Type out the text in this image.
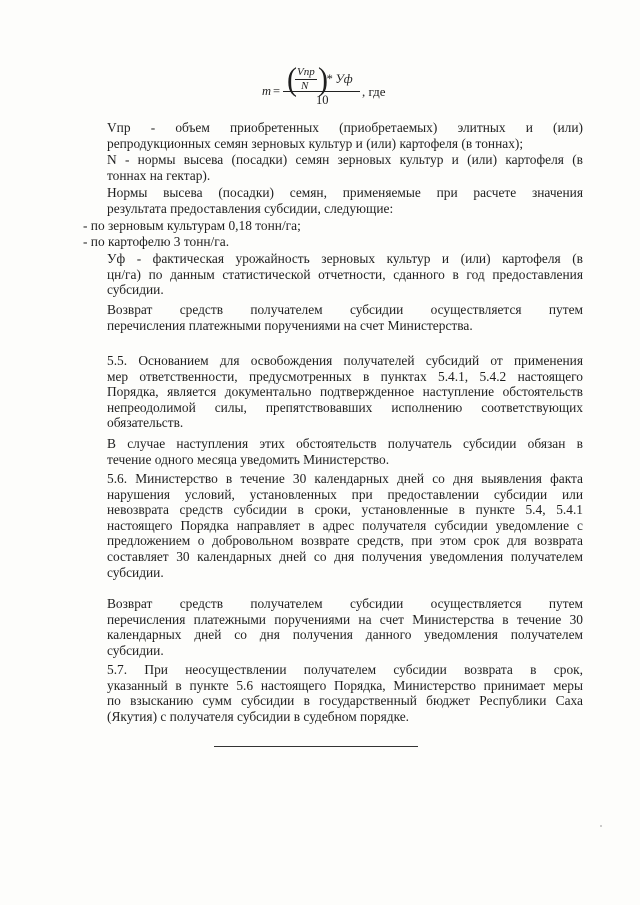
m = ( Vпр
N )
* Уф
10
, где
Vпр - объем приобретенных (приобретаемых) элитных и (или)
репродукционных семян зерновых культур и (или) картофеля (в тоннах);
N - нормы высева (посадки) семян зерновых культур и (или) картофеля (в
тоннах на гектар).
Нормы высева (посадки) семян, применяемые при расчете значения
результата предоставления субсидии, следующие:
- по зерновым культурам 0,18 тонн/га;
- по картофелю 3 тонн/га.
Уф - фактическая урожайность зерновых культур и (или) картофеля (в
цн/га) по данным статистической отчетности, сданного в год предоставления
субсидии.
Возврат средств получателем субсидии осуществляется путем
перечисления платежными поручениями на счет Министерства.
5.5. Основанием для освобождения получателей субсидий от применения
мер ответственности, предусмотренных в пунктах 5.4.1, 5.4.2 настоящего
Порядка, является документально подтвержденное наступление обстоятельств
непреодолимой силы, препятствовавших исполнению соответствующих
обязательств.
В случае наступления этих обстоятельств получатель субсидии обязан в
течение одного месяца уведомить Министерство.
5.6. Министерство в течение 30 календарных дней со дня выявления факта
нарушения условий, установленных при предоставлении субсидии или
невозврата средств субсидии в сроки, установленные в пункте 5.4, 5.4.1
настоящего Порядка направляет в адрес получателя субсидии уведомление с
предложением о добровольном возврате средств, при этом срок для возврата
составляет 30 календарных дней со дня получения уведомления получателем
субсидии.
Возврат средств получателем субсидии осуществляется путем
перечисления платежными поручениями на счет Министерства в течение 30
календарных дней со дня получения данного уведомления получателем
субсидии.
5.7. При неосуществлении получателем субсидии возврата в срок,
указанный в пункте 5.6 настоящего Порядка, Министерство принимает меры
по взысканию сумм субсидии в государственный бюджет Республики Саха
(Якутия) с получателя субсидии в судебном порядке.
